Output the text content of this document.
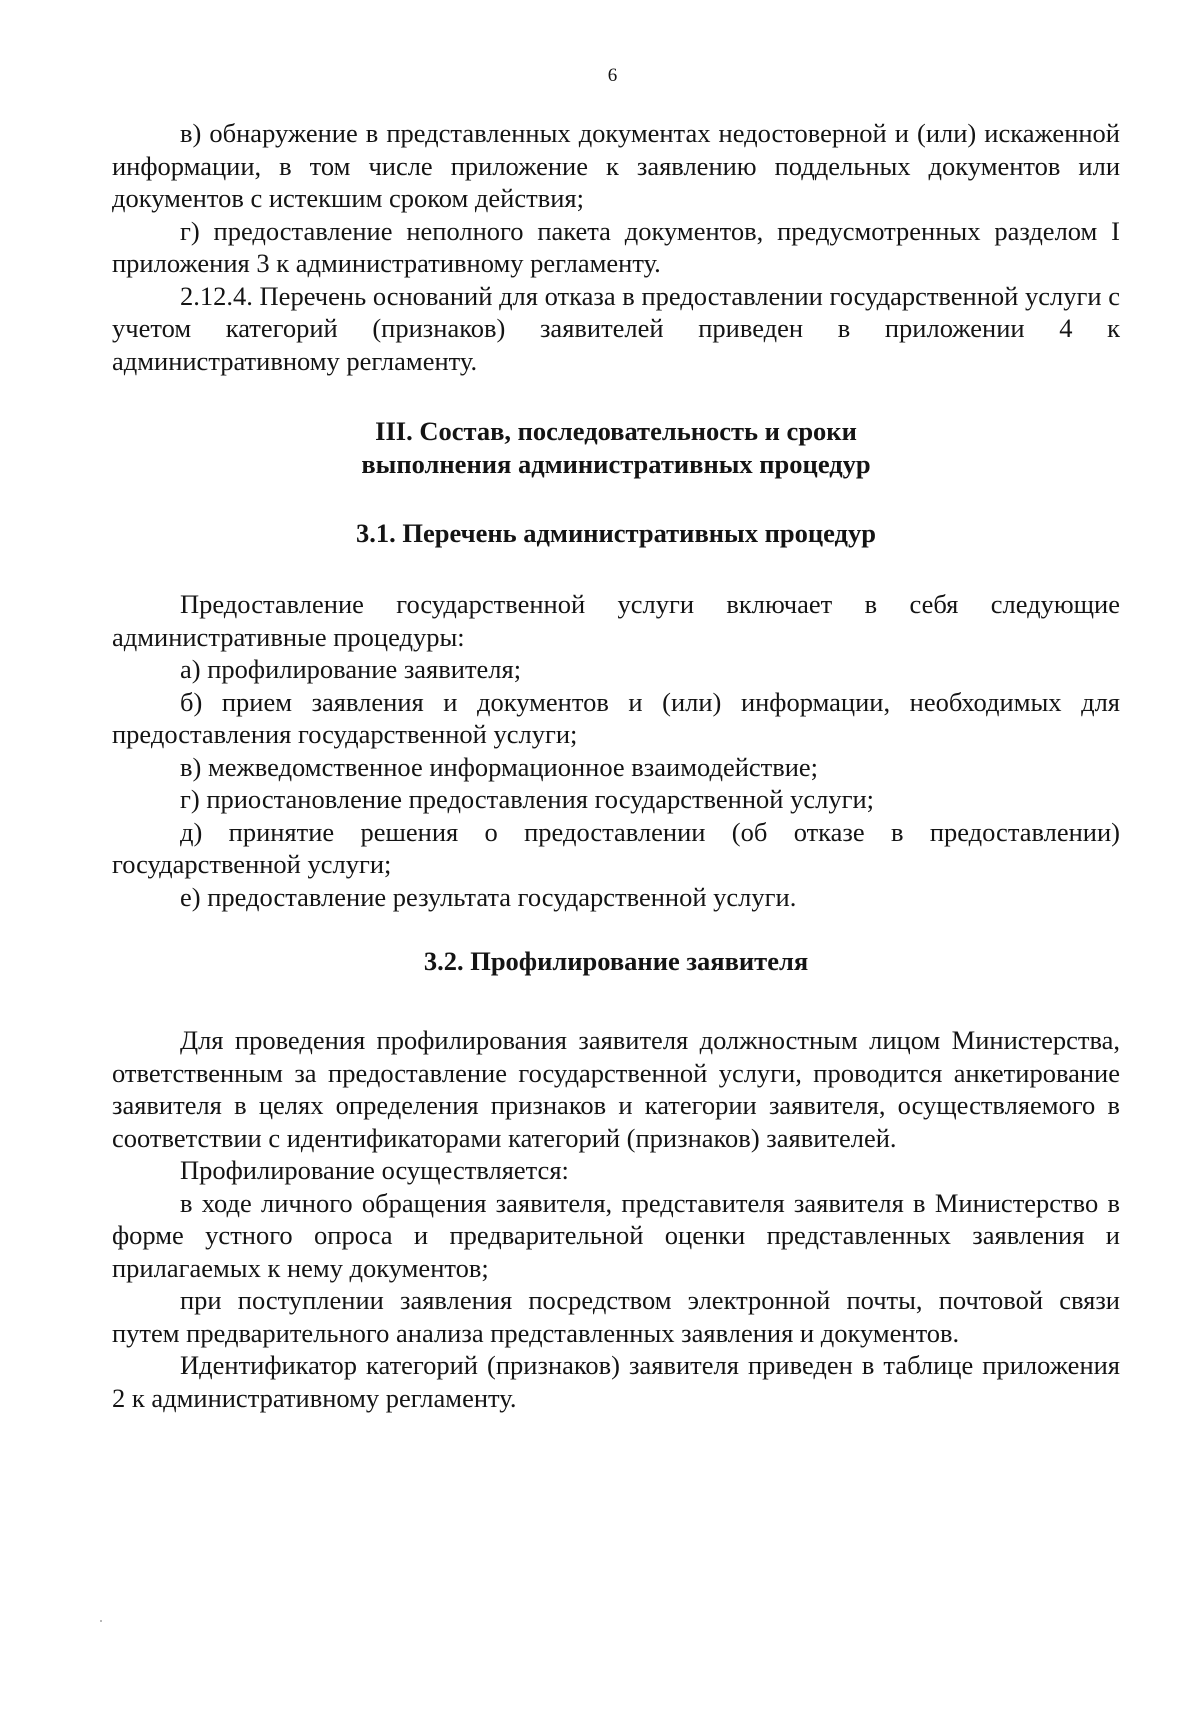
6

в) обнаружение в представленных документах недостоверной и (или) искаженной информации, в том числе приложение к заявлению поддельных документов или документов с истекшим сроком действия;

г) предоставление неполного пакета документов, предусмотренных разделом I приложения 3 к административному регламенту.

2.12.4. Перечень оснований для отказа в предоставлении государственной услуги с учетом категорий (признаков) заявителей приведен в приложении 4 к административному регламенту.

III. Состав, последовательность и сроки
выполнения административных процедур
3.1. Перечень административных процедур

Предоставление государственной услуги включает в себя следующие административные процедуры:

а) профилирование заявителя;

б) прием заявления и документов и (или) информации, необходимых для предоставления государственной услуги;

в) межведомственное информационное взаимодействие;

г) приостановление предоставления государственной услуги;

д) принятие решения о предоставлении (об отказе в предоставлении) государственной услуги;

е) предоставление результата государственной услуги.

3.2. Профилирование заявителя

Для проведения профилирования заявителя должностным лицом Министерства, ответственным за предоставление государственной услуги, проводится анкетирование заявителя в целях определения признаков и категории заявителя, осуществляемого в соответствии с идентификаторами категорий (признаков) заявителей.

Профилирование осуществляется:

в ходе личного обращения заявителя, представителя заявителя в Министерство в форме устного опроса и предварительной оценки представленных заявления и прилагаемых к нему документов;

при поступлении заявления посредством электронной почты, почтовой связи путем предварительного анализа представленных заявления и документов.

Идентификатор категорий (признаков) заявителя приведен в таблице приложения 2 к административному регламенту.
